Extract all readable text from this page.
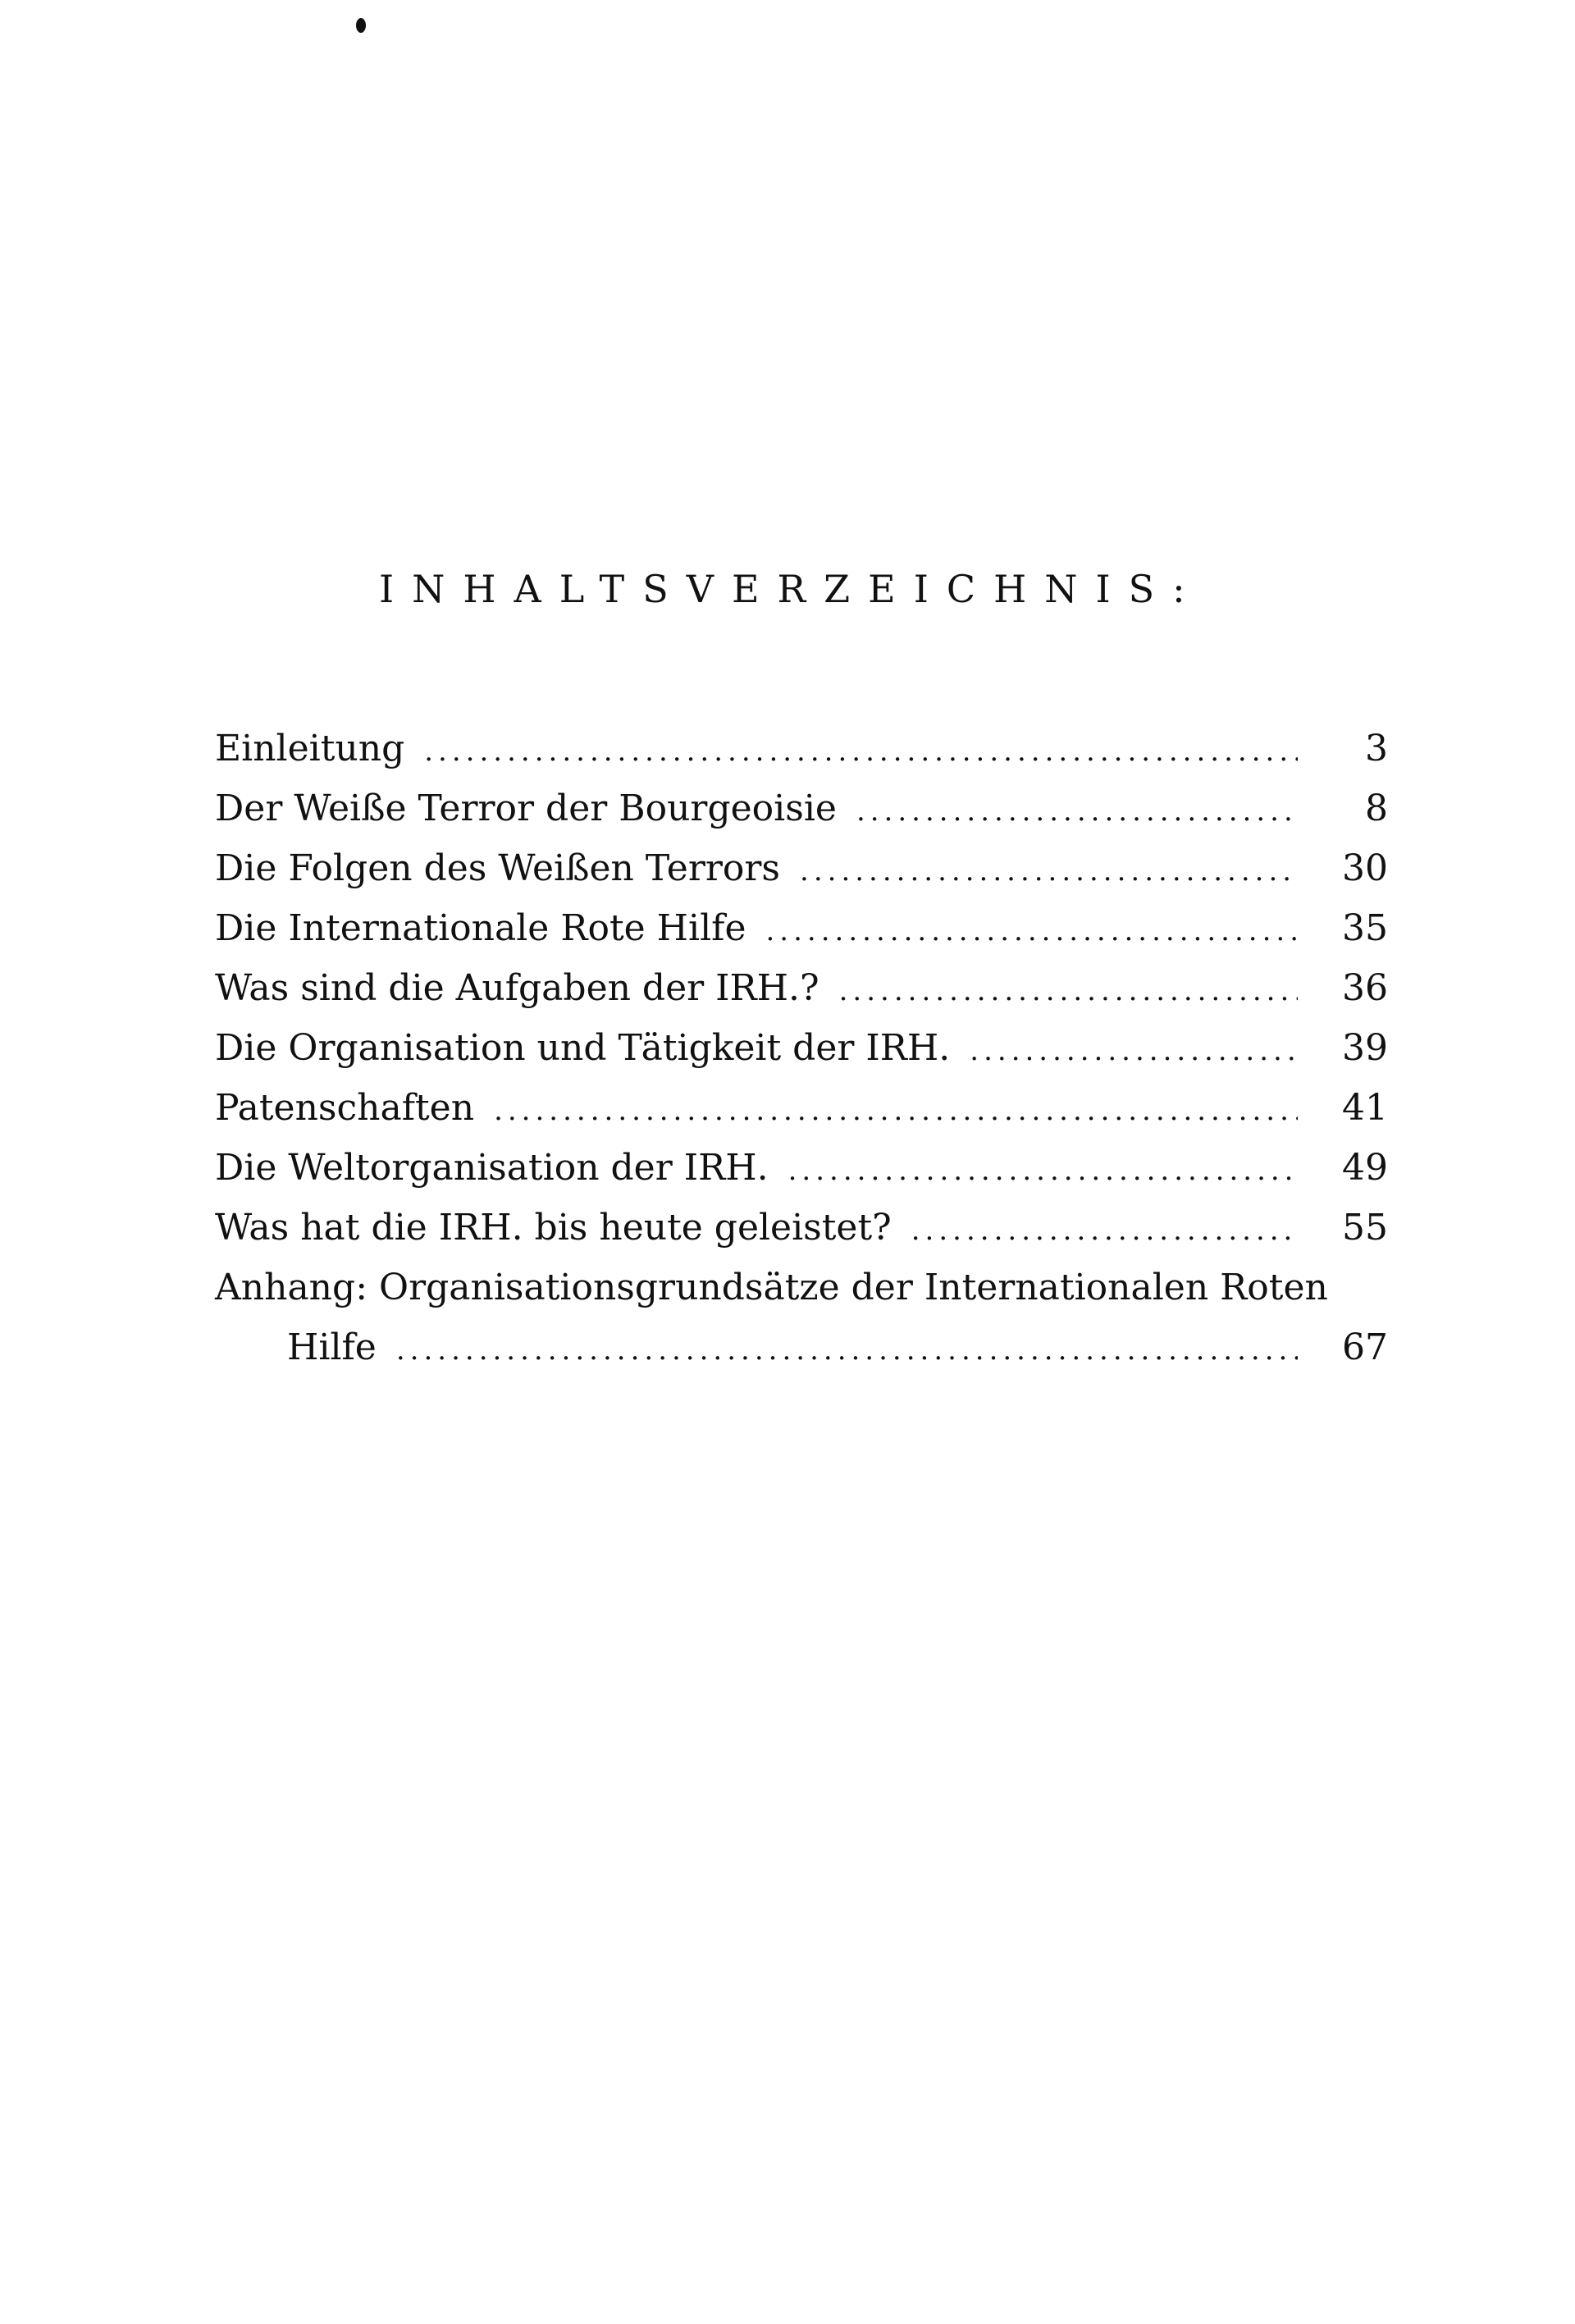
INHALTSVERZEICHNIS:
Einleitung .....	3
Der Weiße Terror der Bourgeoisie .....	8
Die Folgen des Weißen Terrors .....	30
Die Internationale Rote Hilfe .....	35
Was sind die Aufgaben der IRH.? .....	36
Die Organisation und Tätigkeit der IRH. .....	39
Patenschaften .....	41
Die Weltorganisation der IRH. .....	49
Was hat die IRH. bis heute geleistet? .....	55
Anhang: Organisationsgrundsätze der Internationalen Roten
Hilfe .....	67
